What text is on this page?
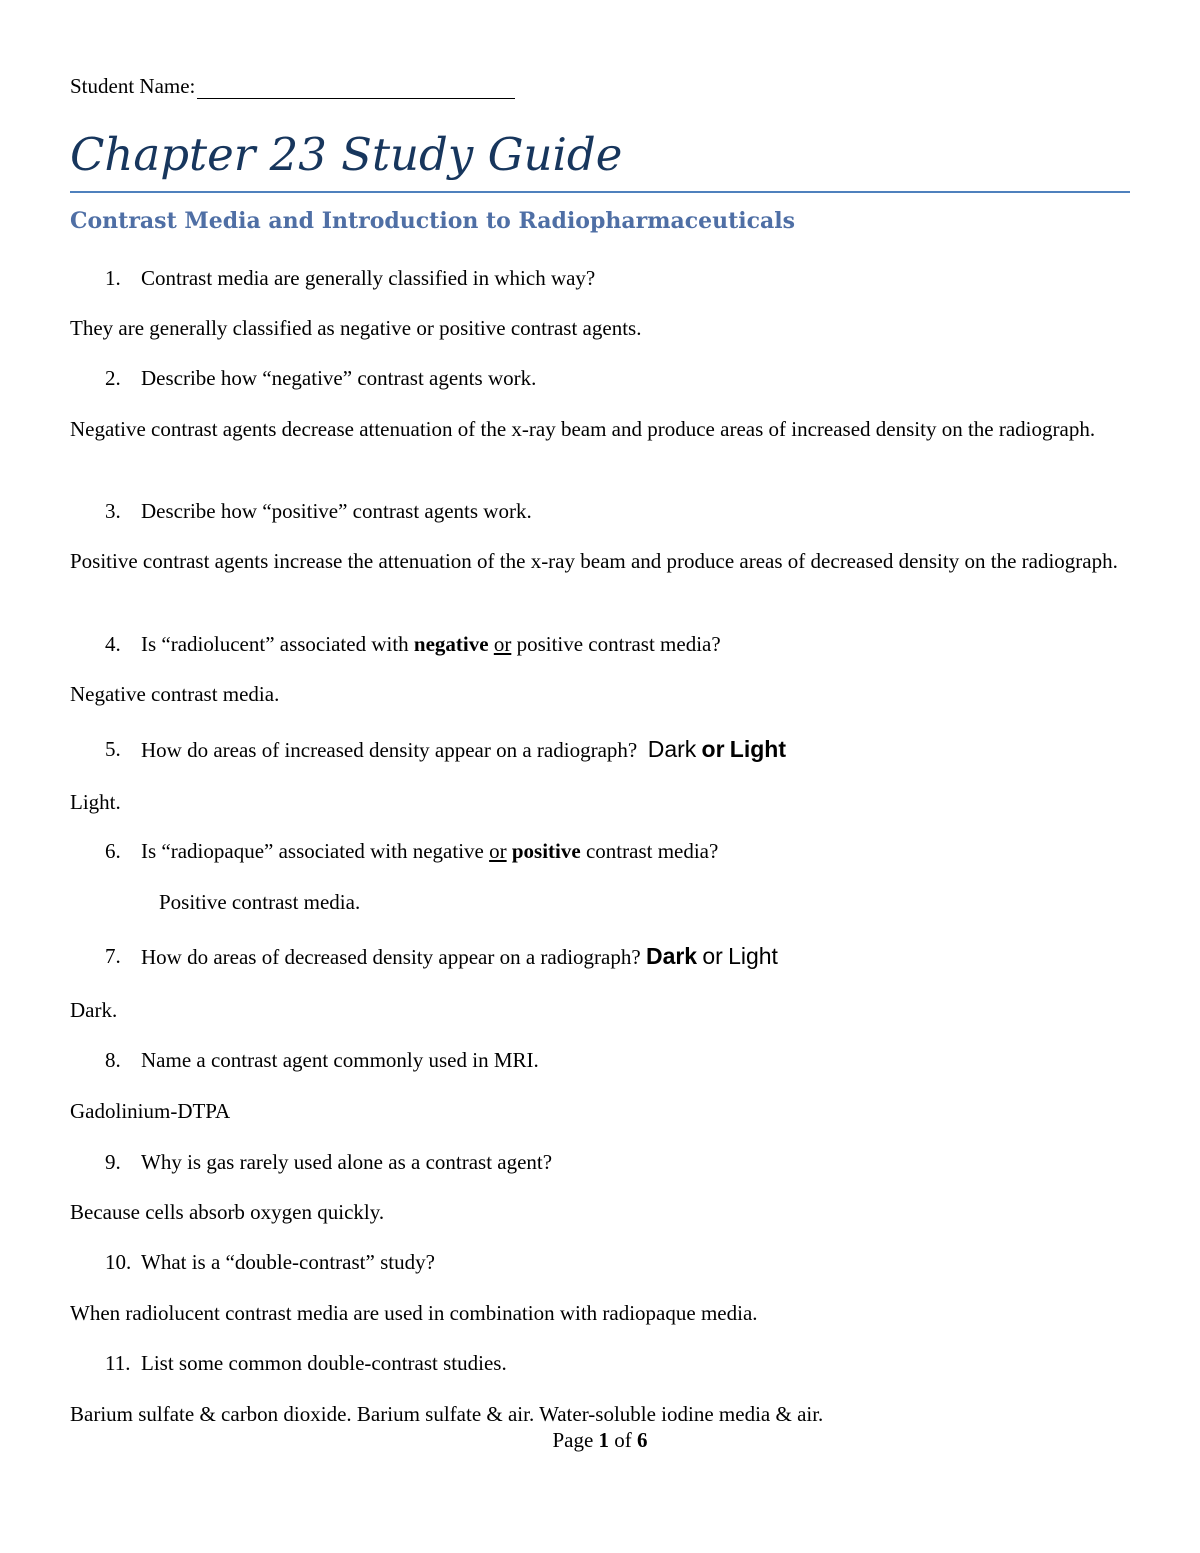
Student Name:
Chapter 23 Study Guide
Contrast Media and Introduction to Radiopharmaceuticals
1. Contrast media are generally classified in which way?
They are generally classified as negative or positive contrast agents.
2. Describe how “negative” contrast agents work.
Negative contrast agents decrease attenuation of the x-ray beam and produce areas of increased density on the radiograph.
3. Describe how “positive” contrast agents work.
Positive contrast agents increase the attenuation of the x-ray beam and produce areas of decreased density on the radiograph.
4. Is “radiolucent” associated with negative or positive contrast media?
Negative contrast media.
5. How do areas of increased density appear on a radiograph? Dark or Light
Light.
6. Is “radiopaque” associated with negative or positive contrast media?
Positive contrast media.
7. How do areas of decreased density appear on a radiograph? Dark or Light
Dark.
8. Name a contrast agent commonly used in MRI.
Gadolinium-DTPA
9. Why is gas rarely used alone as a contrast agent?
Because cells absorb oxygen quickly.
10. What is a “double-contrast” study?
When radiolucent contrast media are used in combination with radiopaque media.
11. List some common double-contrast studies.
Barium sulfate & carbon dioxide. Barium sulfate & air. Water-soluble iodine media & air.
Page 1 of 6
